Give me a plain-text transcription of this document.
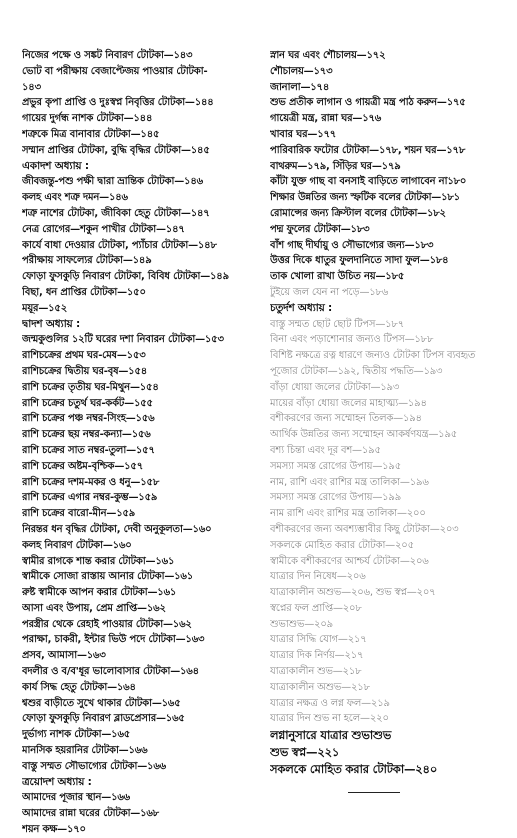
নিজের পক্ষে ও সঙ্কট নিবারণ টোটকা—১৪৩
ভোট বা পরীক্ষায় বেজাপ্টেজয় পাওয়ার টোটকা-
১৪৩
প্রভুর কৃপা প্রাপ্তি ও দুঃস্বপ্ন নিবৃত্তির টোটকা—১৪৪
গায়ের দুর্গন্ধ নাশক টোটকা—১৪৪
শত্রুকে মিত্র বানাবার টোটকা—১৪৫
সম্মান প্রাপ্তির টোটকা, বুদ্ধি বৃদ্ধির টোটকা—১৪৫
একাদশ অধ্যায় :
জীবজন্তু-পশু পক্ষী দ্বারা ভ্রান্তিক টোটকা—১৪৬
কলহ এবং শত্রু দমন—১৪৬
শত্রু নাশের টোটকা, জীবিকা হেতু টোটকা—১৪৭
নেত্র রোগের—শকুন পাখীর টোটকা—১৪৭
কার্যে বাধা দেওয়ার টোটকা, প্যাঁচার টোটকা—১৪৮
পরীক্ষায় সাফল্যের টোটকা—১৪৯
ফোড়া ফুসকুড়ি নিবারণ টোটকা, বিবিধ টোটকা—১৪৯
বিছা, ধন প্রাপ্তির টোটকা—১৫০
ময়ূর—১৫২
দ্বাদশ অধ্যায় :
জন্মকুণ্ডলির ১২টি ঘরের দশা নিবারন টোটকা—১৫৩
রাশিচক্রের প্রথম ঘর-মেষ—১৫৩
রাশিচক্রের দ্বিতীয় ঘর-বৃষ—১৫৪
রাশি চক্রের তৃতীয় ঘর-মিথুন—১৫৪
রাশি চক্রের চতুর্থ ঘর-কর্কট—১৫৫
রাশি চক্রের পঞ্চ নম্বর-সিংহ—১৫৬
রাশি চক্রের ছয় নম্বর-কন্যা—১৫৬
রাশি চক্রের সাত নম্বর-তুলা—১৫৭
রাশি চক্রের অষ্টম-বৃশ্চিক—১৫৭
রাশি চক্রের দশম-মকর ও ধনু—১৫৮
রাশি চক্রের এগার নম্বর-কুম্ভ—১৫৯
রাশি চক্রের বারো-মীন—১৫৯
নিরন্তর ধন বৃদ্ধির টোটকা, দেবী অনুকূলতা—১৬০
কলহ নিবারণ টোটকা—১৬০
স্বামীর রাগকে শান্ত করার টোটকা—১৬১
স্বামীকে সোজা রাস্তায় আনার টোটকা—১৬১
রুষ্ট স্বামীকে আপন করার টোটকা—১৬১
আসা এবং উপায়, প্রেম প্রাপ্তি—১৬২
পরস্ত্রীর থেকে রেহাই পাওয়ার টোটকা—১৬২
পরাক্ষা, চাকরী, ইন্টার ভিউ পদে টোটকা—১৬৩
প্রসব, আমাসা—১৬৩
বদলীর ও ব/ব'ধূর ভালোবাসার টোটকা—১৬৪
কার্য সিদ্ধ হেতু টোটকা—১৬৪
শ্বশুর বাড়ীতে সুখে থাকার টোটকা—১৬৫
ফোড়া ফুসকুড়ি নিবারণ ব্লাডপ্রেসার—১৬৫
দুর্ভাগ্য নাশক টোটকা—১৬৫
মানসিক হয়রানির টোটকা—১৬৬
বাস্তু সম্মত সৌভাগ্যের টোটকা—১৬৬
ত্রয়োদশ অধ্যায় :
আমাদের পূজার স্থান—১৬৬
আমাদের রান্না ঘরের টোটকা—১৬৮
শয়ন কক্ষ—১৭০
স্নান ঘর এবং শৌচালয়—১৭২
শৌচালয়—১৭৩
জানালা—১৭৪
শুভ প্রতীক লাগান ও গায়ত্রী মন্ত্র পাঠ করুন—১৭৫
গায়েত্রী মন্ত্র, রান্না ঘর—১৭৬
খাবার ঘর—১৭৭
পারিবারিক ফটোর টোটকা—১৭৮, শয়ন ঘর—১৭৮
বাথরুম—১৭৯, সিঁড়ির ঘর—১৭৯
কাঁটা যুক্ত গাছ বা বনসাই বাড়িতে লাগাবেন না১৮০
শিক্ষার উন্নতির জন্য স্ফটিক বলের টোটকা—১৮১
রোমান্সের জন্য ক্রিস্টাল বলের টোটকা—১৮২
পদ্ম ফুলের টোটকা—১৮৩
বাঁশ গাছ দীর্ঘায়ু ও সৌভাগ্যের জন্য—১৮৩
উত্তর দিকে ধাতুর ফুলদানিতে সাদা ফুল—১৮৪
তাক খোলা রাখা উচিত নয়—১৮৫
টুইয়ে জল যেন না পড়ে—১৮৬
চতুর্দশ অধ্যায় :
বাস্তু সম্মত ছোট ছোট টিপস—১৮৭
বিনা এবং পড়াশোনার জন্যও টিপস—১৮৮
বিশিষ্ট নক্ষত্রে রত্ন ধারণে জন্যও টোটকা টিপস ব্যবহৃত
পূজোর টোটকা—১৯২, দ্বিতীয় পদ্ধতি—১৯৩
বাঁড়া ধোয়া জলের টোটকা—১৯৩
মায়ের বাঁড়া ধোয়া জলের মাহাত্ম্য—১৯৪
বশীকরণের জন্য সম্মোহন তিলক—১৯৪
আর্থিক উন্নতির জন্য সম্মোহন আকর্ষণযন্ত্র—১৯৫
বশ্য চিন্তা এবং দূর বশ—১৯৫
সমস্যা সমস্ত রোগের উপায়—১৯৫
নাম, রাশি এবং রাশির মন্ত্র তালিকা—১৯৬
সমস্যা সমস্ত রোগের উপায়—১৯৯
নাম রাশি এবং রাশির মন্ত্র তালিকা—২০০
বশীকরণের জন্য অবশ্যম্ভাবীর কিছু টোটকা—২০৩
সকলকে মোহিত করার টোটকা—২০৫
স্বামীকে বশীকরণের আশ্চর্য টোটকা—২০৬
যাত্রার দিন নিষেধ—২০৬
যাত্রাকালীন অশুভ—২০৬, শুভ স্বপ্ন—২০৭
স্বপ্নের ফল প্রাপ্তি—২০৮
শুভাশুভ—২০৯
যাত্রার সিদ্ধি যোগ—২১৭
যাত্রার দিক নির্ণয়—২১৭
যাত্রাকালীন শুভ—২১৮
যাত্রাকালীন অশুভ—২১৮
যাত্রার নক্ষত্র ও লগ্ন ফল—২১৯
যাত্রার দিন শুভ না হলে—২২০
লগ্নানুসারে যাত্রার শুভাশুভ
শুভ স্বপ্ন—২২১
সকলকে মোহিত করার টোটকা—২৪০
